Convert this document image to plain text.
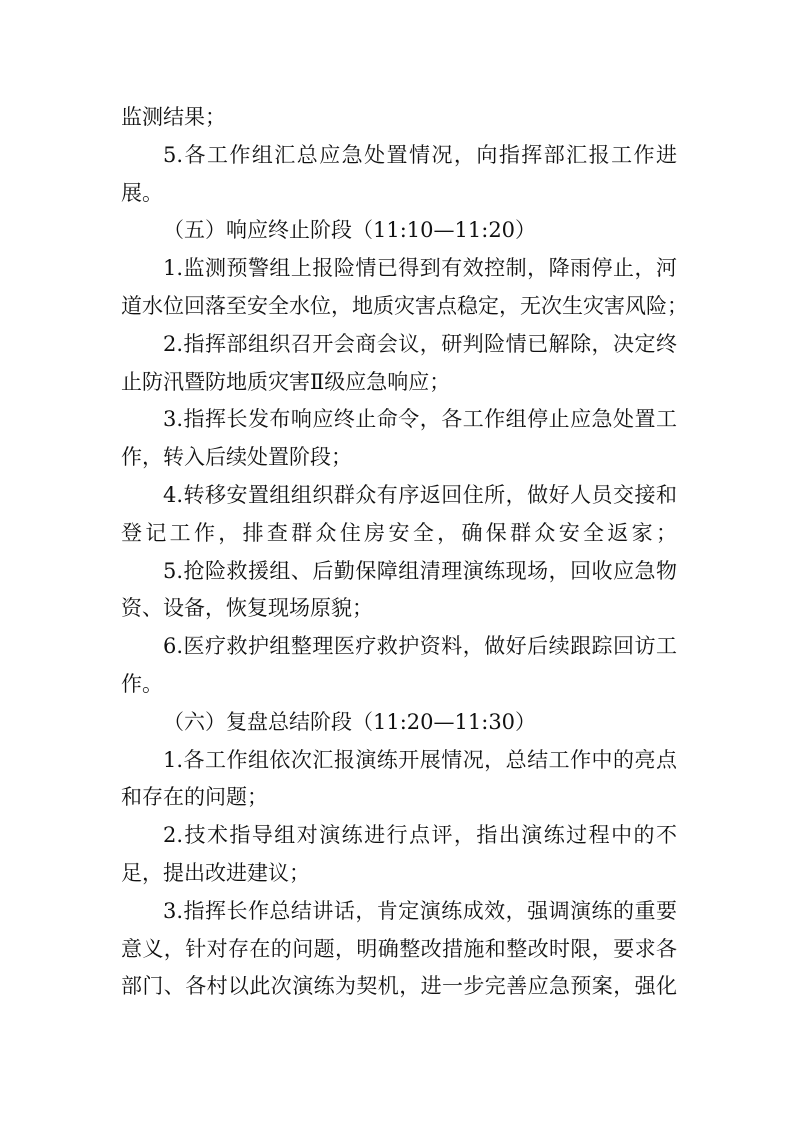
监测结果；
5.各工作组汇总应急处置情况，向指挥部汇报工作进
展。
（五）响应终止阶段（11:10—11:20）
1.监测预警组上报险情已得到有效控制，降雨停止，河
道水位回落至安全水位，地质灾害点稳定，无次生灾害风险；
2.指挥部组织召开会商会议，研判险情已解除，决定终
止防汛暨防地质灾害Ⅱ级应急响应；
3.指挥长发布响应终止命令，各工作组停止应急处置工
作，转入后续处置阶段；
4.转移安置组组织群众有序返回住所，做好人员交接和
登记工作，排查群众住房安全，确保群众安全返家；
5.抢险救援组、后勤保障组清理演练现场，回收应急物
资、设备，恢复现场原貌；
6.医疗救护组整理医疗救护资料，做好后续跟踪回访工
作。
（六）复盘总结阶段（11:20—11:30）
1.各工作组依次汇报演练开展情况，总结工作中的亮点
和存在的问题；
2.技术指导组对演练进行点评，指出演练过程中的不
足，提出改进建议；
3.指挥长作总结讲话，肯定演练成效，强调演练的重要
意义，针对存在的问题，明确整改措施和整改时限，要求各
部门、各村以此次演练为契机，进一步完善应急预案，强化
